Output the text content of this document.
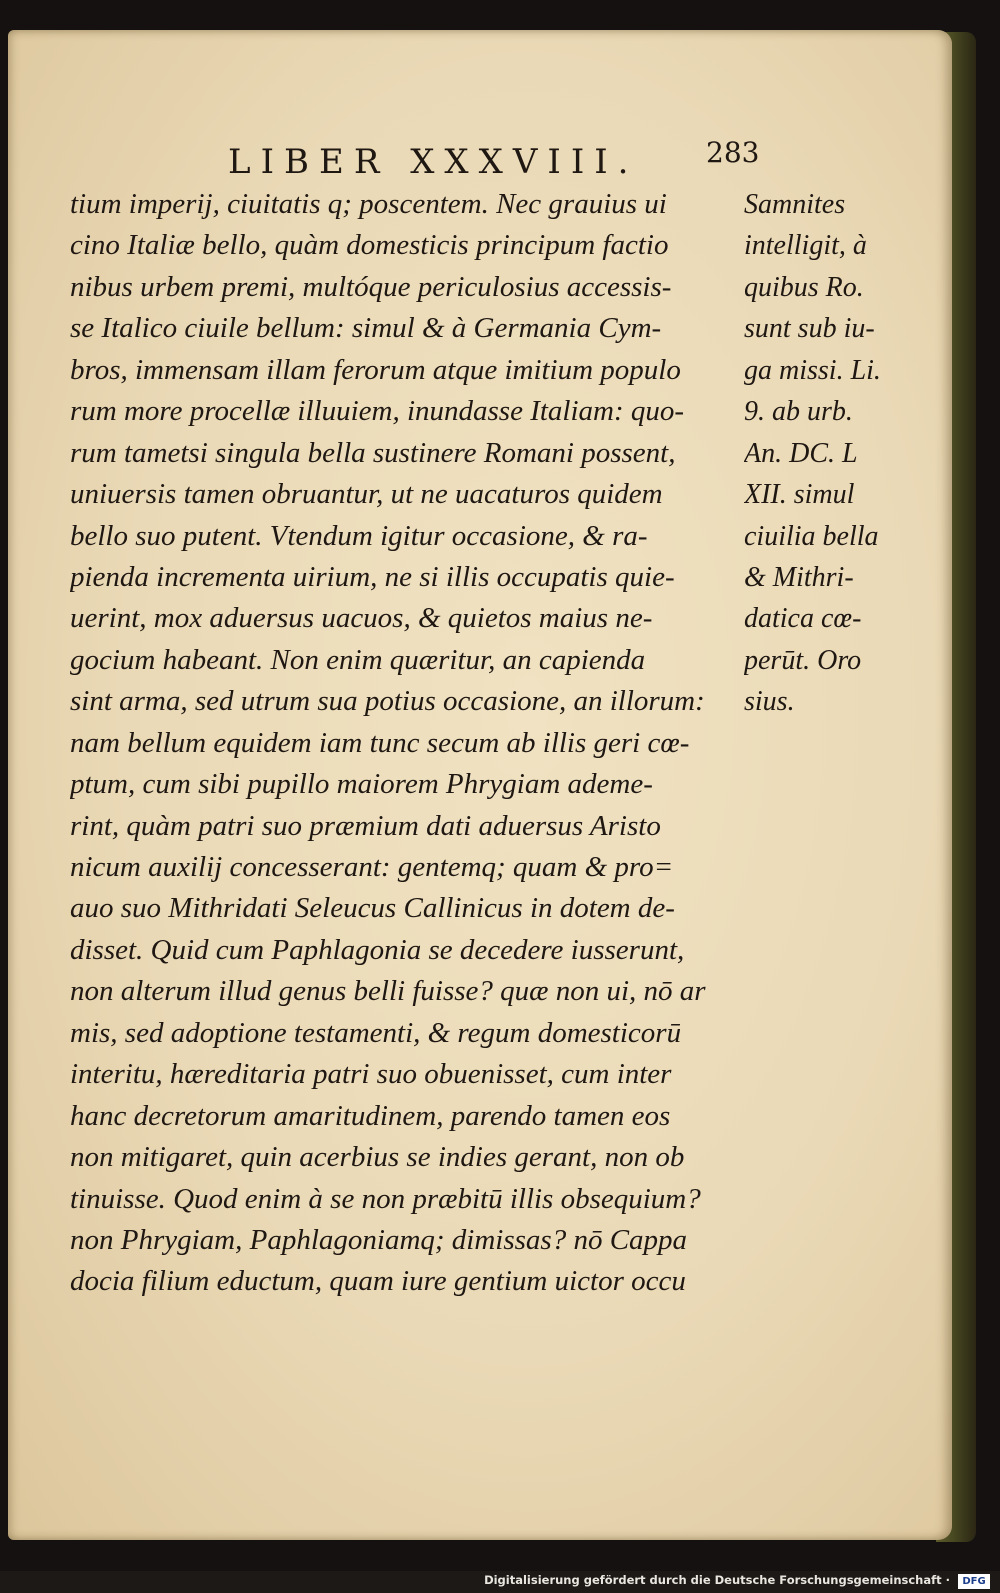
LIBER XXXVIII. 283
tium imperij, ciuitatis q; poscentem. Nec grauius ui
cino Italiæ bello, quàm domesticis principum factio
nibus urbem premi, multóque periculosius accessis-
se Italico ciuile bellum: simul & à Germania Cym-
bros, immensam illam ferorum atque imitium populo
rum more procellæ illuuiem, inundasse Italiam: quo-
rum tametsi singula bella sustinere Romani possent,
uniuersis tamen obruantur, ut ne uacaturos quidem
bello suo putent. Vtendum igitur occasione, & ra-
pienda incrementa uirium, ne si illis occupatis quie-
uerint, mox aduersus uacuos, & quietos maius ne-
gocium habeant. Non enim quæritur, an capienda
sint arma, sed utrum sua potius occasione, an illorum:
nam bellum equidem iam tunc secum ab illis geri cœ-
ptum, cum sibi pupillo maiorem Phrygiam ademe-
rint, quàm patri suo præmium dati aduersus Aristo
nicum auxilij concesserant: gentemq; quam & pro=
auo suo Mithridati Seleucus Callinicus in dotem de-
disset. Quid cum Paphlagonia se decedere iusserunt,
non alterum illud genus belli fuisse? quæ non ui, nō ar
mis, sed adoptione testamenti, & regum domesticorū
interitu, hæreditaria patri suo obuenisset, cum inter
hanc decretorum amaritudinem, parendo tamen eos
non mitigaret, quin acerbius se indies gerant, non ob
tinuisse. Quod enim à se non præbitū illis obsequium?
non Phrygiam, Paphlagoniamq; dimissas? nō Cappa
docia filium eductum, quam iure gentium uictor occu
Samnites
intelligit, à
quibus Ro.
sunt sub iu-
ga missi. Li.
9. ab urb.
An. DC. L
XII. simul
ciuilia bella
& Mithri-
datica cœ-
perūt. Oro
sius.
Digitalisierung gefördert durch die Deutsche Forschungsgemeinschaft ·	DFG
